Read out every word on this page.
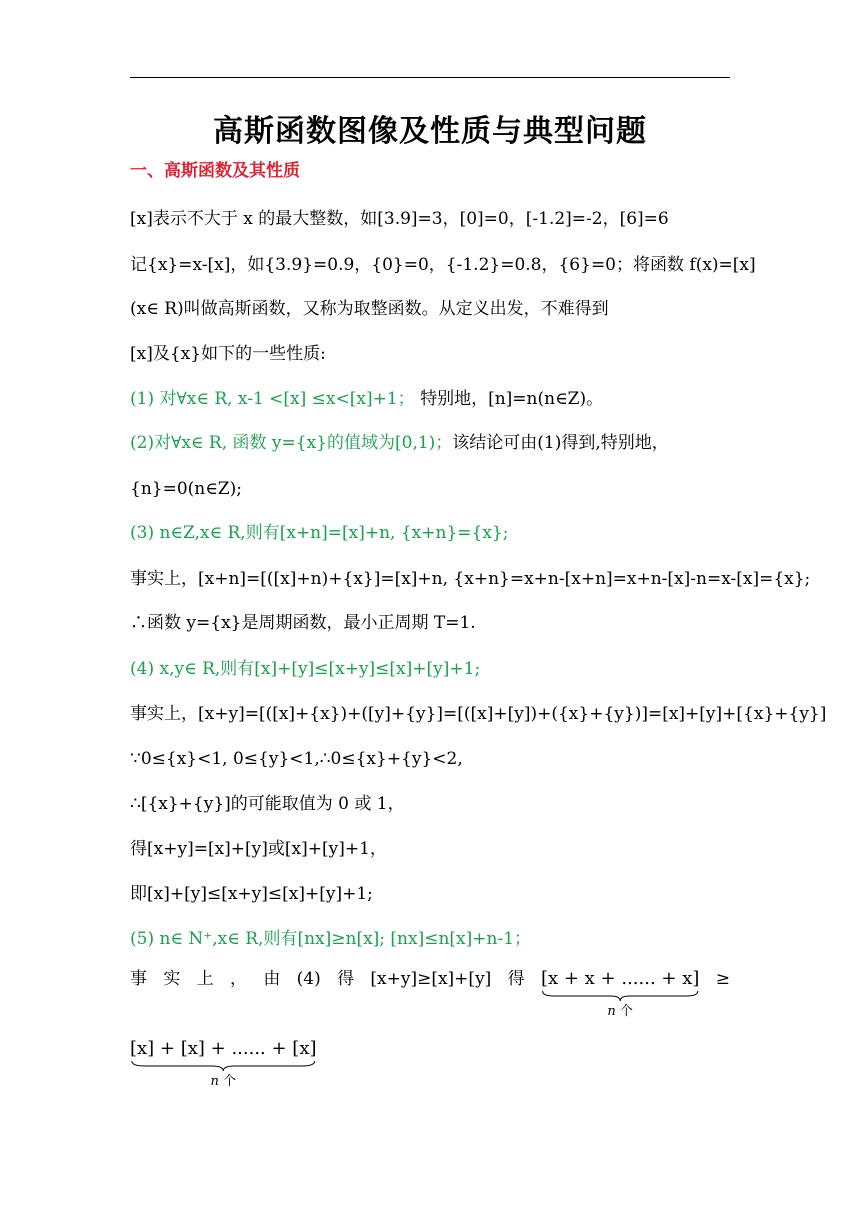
高斯函数图像及性质与典型问题
一、高斯函数及其性质
[x]表示不大于 x 的最大整数，如[3.9]=3，[0]=0，[-1.2]=-2，[6]=6
记{x}=x-[x]，如{3.9}=0.9，{0}=0，{-1.2}=0.8，{6}=0；将函数 f(x)=[x]
(x∈ R)叫做高斯函数，又称为取整函数。从定义出发，不难得到
[x]及{x}如下的一些性质:
(1) 对∀x∈ R, x-1 <[x] ≤x<[x]+1； 特别地，[n]=n(n∈Z)。
(2)对∀x∈ R, 函数 y={x}的值域为[0,1)；该结论可由(1)得到,特别地，
{n}=0(n∈Z);
(3) n∈Z,x∈ R,则有[x+n]=[x]+n, {x+n}={x};
事实上，[x+n]=[([x]+n)+{x}]=[x]+n, {x+n}=x+n-[x+n]=x+n-[x]-n=x-[x]={x};
∴函数 y={x}是周期函数，最小正周期 T=1.
(4) x,y∈ R,则有[x]+[y]≤[x+y]≤[x]+[y]+1;
事实上，[x+y]=[([x]+{x})+([y]+{y}]=[([x]+[y])+({x}+{y})]=[x]+[y]+[{x}+{y}]
∵0≤{x}<1, 0≤{y}<1,∴0≤{x}+{y}<2,
∴[{x}+{y}]的可能取值为 0 或 1，
得[x+y]=[x]+[y]或[x]+[y]+1，
即[x]+[y]≤[x+y]≤[x]+[y]+1;
(5) n∈ N⁺,x∈ R,则有[nx]≥n[x]; [nx]≤n[x]+n-1；
事 实 上 ， 由 (4) 得 [x+y]≥[x]+[y] 得 [x + x + ...... + x]
n 个
≥
[x] + [x] + ...... + [x]
n 个
